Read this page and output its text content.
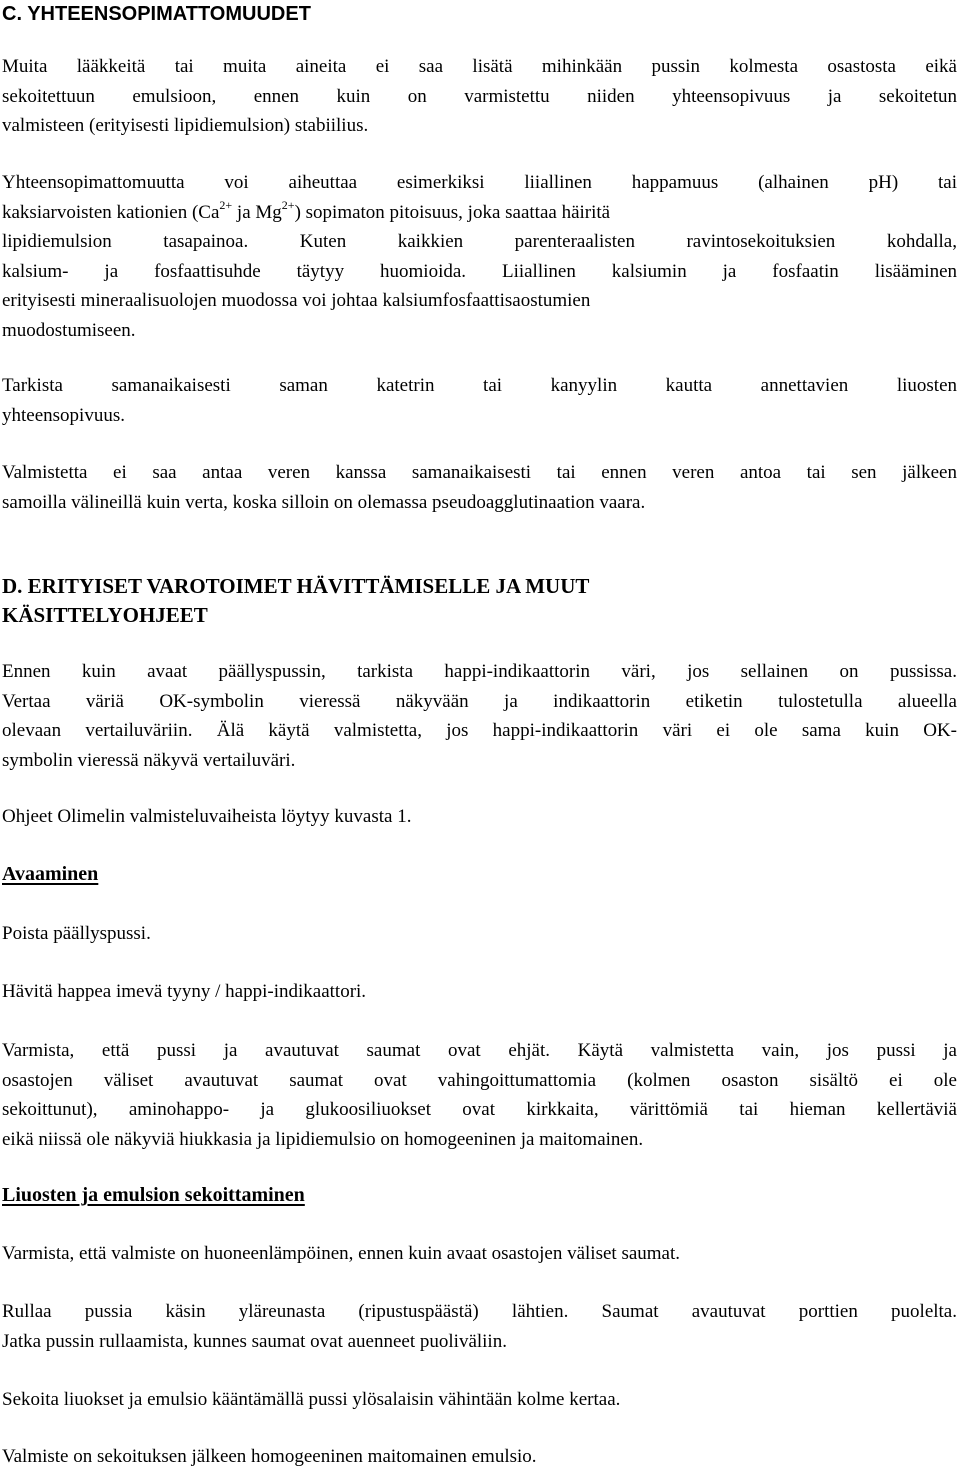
C. YHTEENSOPIMATTOMUUDET

Muita lääkkeitä tai muita aineita ei saa lisätä mihinkään pussin kolmesta osastosta eikä
sekoitettuun emulsioon, ennen kuin on varmistettu niiden yhteensopivuus ja sekoitetun
valmisteen (erityisesti lipidiemulsion) stabiilius.

Yhteensopimattomuutta voi aiheuttaa esimerkiksi liiallinen happamuus (alhainen pH) tai
kaksiarvoisten kationien ($Ca^{2+}$ ja $Mg^{2+}$) sopimaton pitoisuus, joka saattaa häiritä
lipidiemulsion tasapainoa. Kuten kaikkien parenteraalisten ravintosekoituksien kohdalla,
kalsium- ja fosfaattisuhde täytyy huomioida. Liiallinen kalsiumin ja fosfaatin lisääminen
erityisesti mineraalisuolojen muodossa voi johtaa kalsiumfosfaattisaostumien
muodostumiseen.

Tarkista samanaikaisesti saman katetrin tai kanyylin kautta annettavien liuosten
yhteensopivuus.

Valmistetta ei saa antaa veren kanssa samanaikaisesti tai ennen veren antoa tai sen jälkeen
samoilla välineillä kuin verta, koska silloin on olemassa pseudoagglutinaation vaara.

D. ERITYISET VAROTOIMET HÄVITTÄMISELLE JA MUUT
KÄSITTELYOHJEET

Ennen kuin avaat päällyspussin, tarkista happi-indikaattorin väri, jos sellainen on pussissa.
Vertaa väriä OK-symbolin vieressä näkyvään ja indikaattorin etiketin tulostetulla alueella
olevaan vertailuväriin. Älä käytä valmistetta, jos happi-indikaattorin väri ei ole sama kuin OK-
symbolin vieressä näkyvä vertailuväri.

Ohjeet Olimelin valmisteluvaiheista löytyy kuvasta 1.

Avaaminen

Poista päällyspussi.

Hävitä happea imevä tyyny / happi-indikaattori.

Varmista, että pussi ja avautuvat saumat ovat ehjät. Käytä valmistetta vain, jos pussi ja
osastojen väliset avautuvat saumat ovat vahingoittumattomia (kolmen osaston sisältö ei ole
sekoittunut), aminohappo- ja glukoosiliuokset ovat kirkkaita, värittömiä tai hieman kellertäviä
eikä niissä ole näkyviä hiukkasia ja lipidiemulsio on homogeeninen ja maitomainen.

Liuosten ja emulsion sekoittaminen

Varmista, että valmiste on huoneenlämpöinen, ennen kuin avaat osastojen väliset saumat.

Rullaa pussia käsin yläreunasta (ripustuspäästä) lähtien. Saumat avautuvat porttien puolelta.
Jatka pussin rullaamista, kunnes saumat ovat auenneet puoliväliin.

Sekoita liuokset ja emulsio kääntämällä pussi ylösalaisin vähintään kolme kertaa.

Valmiste on sekoituksen jälkeen homogeeninen maitomainen emulsio.
